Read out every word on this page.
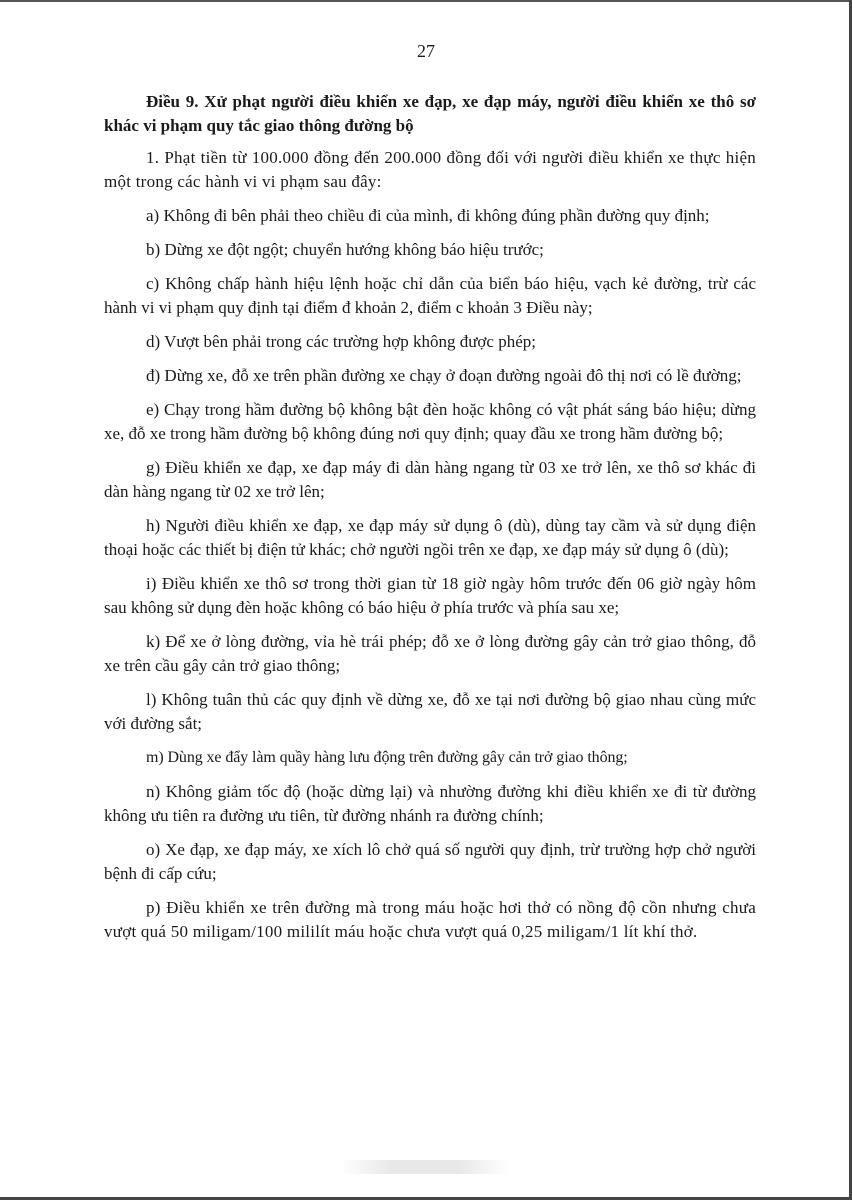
27

Điều 9. Xử phạt người điều khiển xe đạp, xe đạp máy, người điều khiển xe thô sơ khác vi phạm quy tắc giao thông đường bộ

1. Phạt tiền từ 100.000 đồng đến 200.000 đồng đối với người điều khiển xe thực hiện một trong các hành vi vi phạm sau đây:

a) Không đi bên phải theo chiều đi của mình, đi không đúng phần đường quy định;

b) Dừng xe đột ngột; chuyển hướng không báo hiệu trước;

c) Không chấp hành hiệu lệnh hoặc chỉ dẫn của biển báo hiệu, vạch kẻ đường, trừ các hành vi vi phạm quy định tại điểm đ khoản 2, điểm c khoản 3 Điều này;

d) Vượt bên phải trong các trường hợp không được phép;

đ) Dừng xe, đỗ xe trên phần đường xe chạy ở đoạn đường ngoài đô thị nơi có lề đường;

e) Chạy trong hầm đường bộ không bật đèn hoặc không có vật phát sáng báo hiệu; dừng xe, đỗ xe trong hầm đường bộ không đúng nơi quy định; quay đầu xe trong hầm đường bộ;

g) Điều khiển xe đạp, xe đạp máy đi dàn hàng ngang từ 03 xe trở lên, xe thô sơ khác đi dàn hàng ngang từ 02 xe trở lên;

h) Người điều khiển xe đạp, xe đạp máy sử dụng ô (dù), dùng tay cầm và sử dụng điện thoại hoặc các thiết bị điện tử khác; chở người ngồi trên xe đạp, xe đạp máy sử dụng ô (dù);

i) Điều khiển xe thô sơ trong thời gian từ 18 giờ ngày hôm trước đến 06 giờ ngày hôm sau không sử dụng đèn hoặc không có báo hiệu ở phía trước và phía sau xe;

k) Để xe ở lòng đường, vỉa hè trái phép; đỗ xe ở lòng đường gây cản trở giao thông, đỗ xe trên cầu gây cản trở giao thông;

l) Không tuân thủ các quy định về dừng xe, đỗ xe tại nơi đường bộ giao nhau cùng mức với đường sắt;

m) Dùng xe đẩy làm quầy hàng lưu động trên đường gây cản trở giao thông;

n) Không giảm tốc độ (hoặc dừng lại) và nhường đường khi điều khiển xe đi từ đường không ưu tiên ra đường ưu tiên, từ đường nhánh ra đường chính;

o) Xe đạp, xe đạp máy, xe xích lô chở quá số người quy định, trừ trường hợp chở người bệnh đi cấp cứu;

p) Điều khiển xe trên đường mà trong máu hoặc hơi thở có nồng độ cồn nhưng chưa vượt quá 50 miligam/100 mililít máu hoặc chưa vượt quá 0,25 miligam/1 lít khí thở.
